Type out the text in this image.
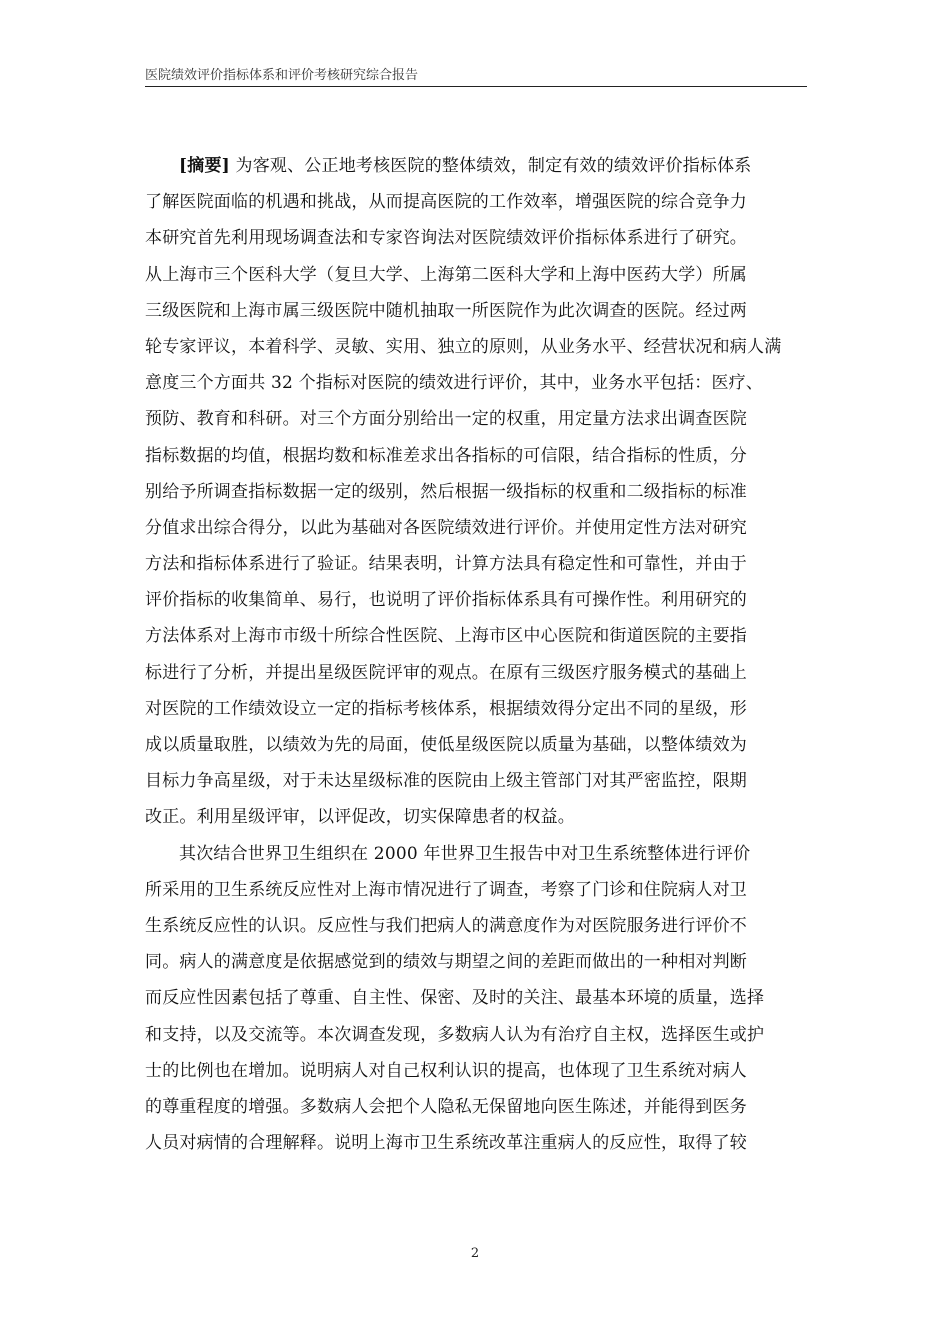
医院绩效评价指标体系和评价考核研究综合报告
[摘要] 为客观、公正地考核医院的整体绩效，制定有效的绩效评价指标体系
了解医院面临的机遇和挑战，从而提高医院的工作效率，增强医院的综合竞争力
本研究首先利用现场调查法和专家咨询法对医院绩效评价指标体系进行了研究。
从上海市三个医科大学（复旦大学、上海第二医科大学和上海中医药大学）所属
三级医院和上海市属三级医院中随机抽取一所医院作为此次调查的医院。经过两
轮专家评议，本着科学、灵敏、实用、独立的原则，从业务水平、经营状况和病人满
意度三个方面共 32 个指标对医院的绩效进行评价，其中，业务水平包括：医疗、
预防、教育和科研。对三个方面分别给出一定的权重，用定量方法求出调查医院
指标数据的均值，根据均数和标准差求出各指标的可信限，结合指标的性质，分
别给予所调查指标数据一定的级别，然后根据一级指标的权重和二级指标的标准
分值求出综合得分，以此为基础对各医院绩效进行评价。并使用定性方法对研究
方法和指标体系进行了验证。结果表明，计算方法具有稳定性和可靠性，并由于
评价指标的收集简单、易行，也说明了评价指标体系具有可操作性。利用研究的
方法体系对上海市市级十所综合性医院、上海市区中心医院和街道医院的主要指
标进行了分析，并提出星级医院评审的观点。在原有三级医疗服务模式的基础上
对医院的工作绩效设立一定的指标考核体系，根据绩效得分定出不同的星级，形
成以质量取胜，以绩效为先的局面，使低星级医院以质量为基础，以整体绩效为
目标力争高星级，对于未达星级标准的医院由上级主管部门对其严密监控，限期
改正。利用星级评审，以评促改，切实保障患者的权益。
其次结合世界卫生组织在 2000 年世界卫生报告中对卫生系统整体进行评价
所采用的卫生系统反应性对上海市情况进行了调查，考察了门诊和住院病人对卫
生系统反应性的认识。反应性与我们把病人的满意度作为对医院服务进行评价不
同。病人的满意度是依据感觉到的绩效与期望之间的差距而做出的一种相对判断
而反应性因素包括了尊重、自主性、保密、及时的关注、最基本环境的质量，选择
和支持，以及交流等。本次调查发现，多数病人认为有治疗自主权，选择医生或护
士的比例也在增加。说明病人对自己权利认识的提高，也体现了卫生系统对病人
的尊重程度的增强。多数病人会把个人隐私无保留地向医生陈述，并能得到医务
人员对病情的合理解释。说明上海市卫生系统改革注重病人的反应性，取得了较
2
